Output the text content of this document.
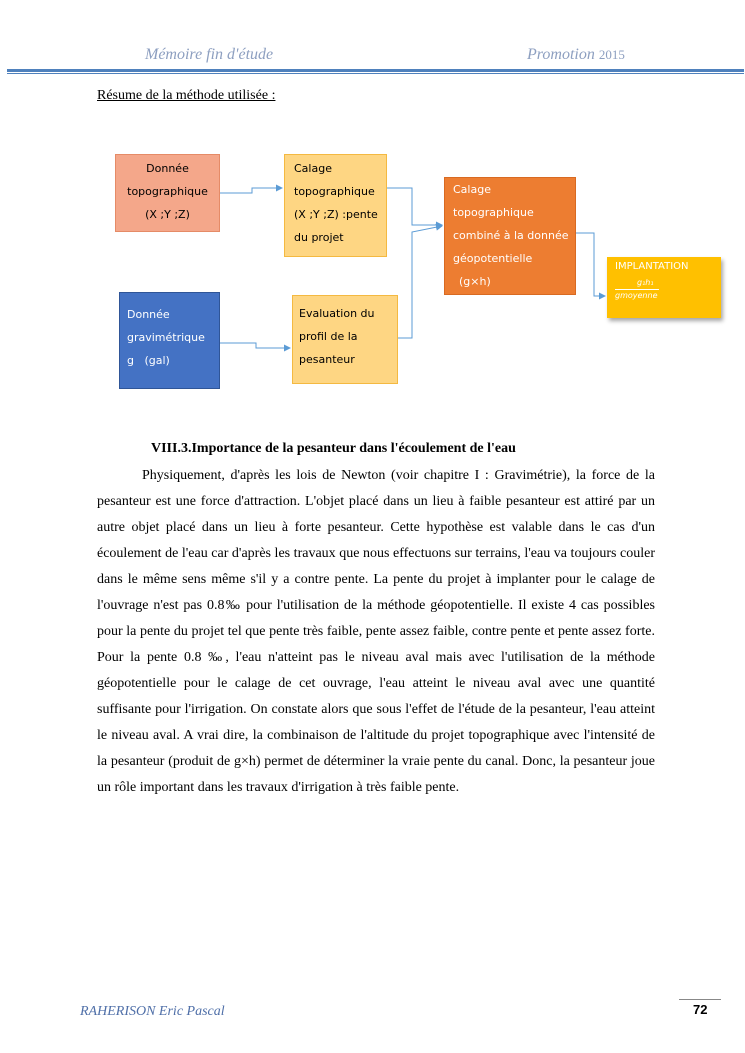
Mémoire fin d'étude	Promotion 2015
Résume de la méthode utilisée :
Donnée
topographique
(X ;Y ;Z)
Calage
topographique
(X ;Y ;Z) :pente
du projet
Calage
topographique
combiné à la donnée
géopotentielle
(g×h)
IMPLANTATION
g₁h₁
gmoyenne
Donnée
gravimétrique
g   (gal)
Evaluation du
profil de la
pesanteur
VIII.3.Importance de la pesanteur dans l'écoulement de l'eau

Physiquement, d'après les lois de Newton (voir chapitre I : Gravimétrie), la force de la pesanteur est une force d'attraction. L'objet placé dans un lieu à faible pesanteur est attiré par un autre objet placé dans un lieu à forte pesanteur. Cette hypothèse est valable dans le cas d'un écoulement de l'eau car d'après les travaux que nous effectuons sur terrains, l'eau va toujours couler dans le même sens même s'il y a contre pente. La pente du projet à implanter pour le calage de l'ouvrage n'est pas 0.8‰ pour l'utilisation de la méthode géopotentielle. Il existe 4 cas possibles pour la pente du projet tel que pente très faible, pente assez faible, contre pente et pente assez forte. Pour la pente 0.8 ‰, l'eau n'atteint pas le niveau aval mais avec l'utilisation de la méthode géopotentielle pour le calage de cet ouvrage, l'eau atteint le niveau aval avec une quantité suffisante pour l'irrigation. On constate alors que sous l'effet de l'étude de la pesanteur, l'eau atteint le niveau aval. A vrai dire, la combinaison de l'altitude du projet topographique avec l'intensité de la pesanteur (produit de g×h) permet de déterminer la vraie pente du canal. Donc, la pesanteur joue un rôle important dans les travaux d'irrigation à très faible pente.

RAHERISON Eric Pascal	72
